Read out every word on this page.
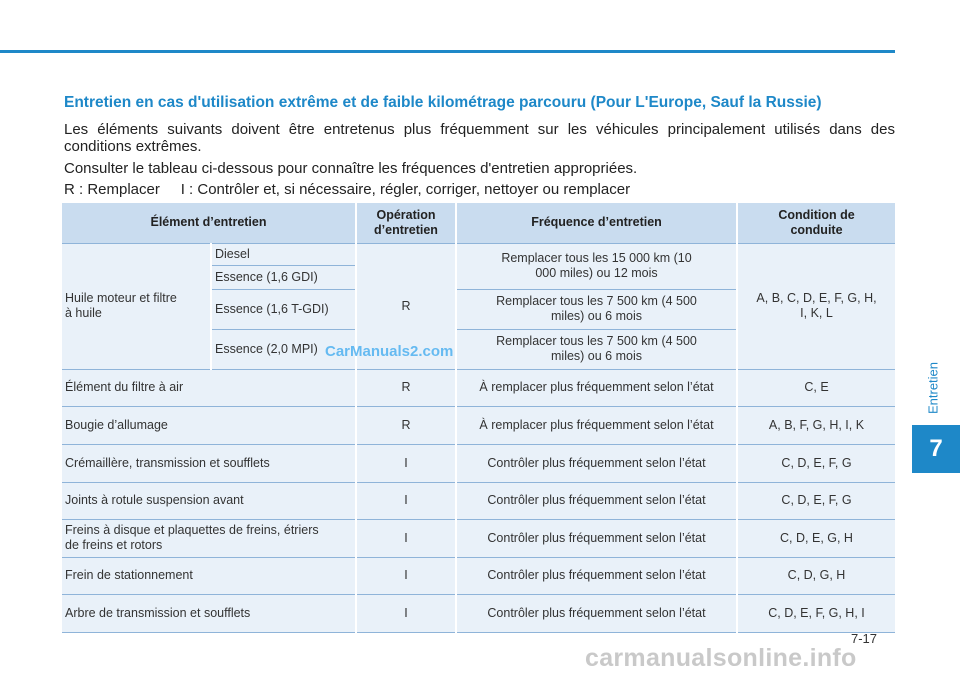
Entretien en cas d'utilisation extrême et de faible kilométrage parcouru (Pour L'Europe, Sauf la Russie)

Les éléments suivants doivent être entretenus plus fréquemment sur les véhicules principalement utilisés dans des conditions extrêmes.

Consulter le tableau ci-dessous pour connaître les fréquences d'entretien appropriées.

R : Remplacer     I : Contrôler et, si nécessaire, régler, corriger, nettoyer ou remplacer

Élément d’entretien		Opération d’entretien	Fréquence d’entretien	Condition de conduite
Huile moteur et filtre à huile	Diesel	R	Remplacer tous les 15 000 km (10 000 miles) ou 12 mois	A, B, C, D, E, F, G, H, I, K, L
	Essence (1,6 GDI)			
	Essence (1,6 T-GDI)		Remplacer tous les 7 500 km (4 500 miles) ou 6 mois	
	Essence (2,0 MPI)		Remplacer tous les 7 500 km (4 500 miles) ou 6 mois	
Élément du filtre à air		R	À remplacer plus fréquemment selon l’état	C, E
Bougie d’allumage		R	À remplacer plus fréquemment selon l’état	A, B, F, G, H, I, K
Crémaillère, transmission et soufflets		I	Contrôler plus fréquemment selon l’état	C, D, E, F, G
Joints à rotule suspension avant		I	Contrôler plus fréquemment selon l’état	C, D, E, F, G
Freins à disque et plaquettes de freins, étriers de freins et rotors		I	Contrôler plus fréquemment selon l’état	C, D, E, G, H
Frein de stationnement		I	Contrôler plus fréquemment selon l’état	C, D, G, H
Arbre de transmission et soufflets		I	Contrôler plus fréquemment selon l’état	C, D, E, F, G, H, I
CarManuals2.com
Entretien
7
7-17
carmanualsonline.info
